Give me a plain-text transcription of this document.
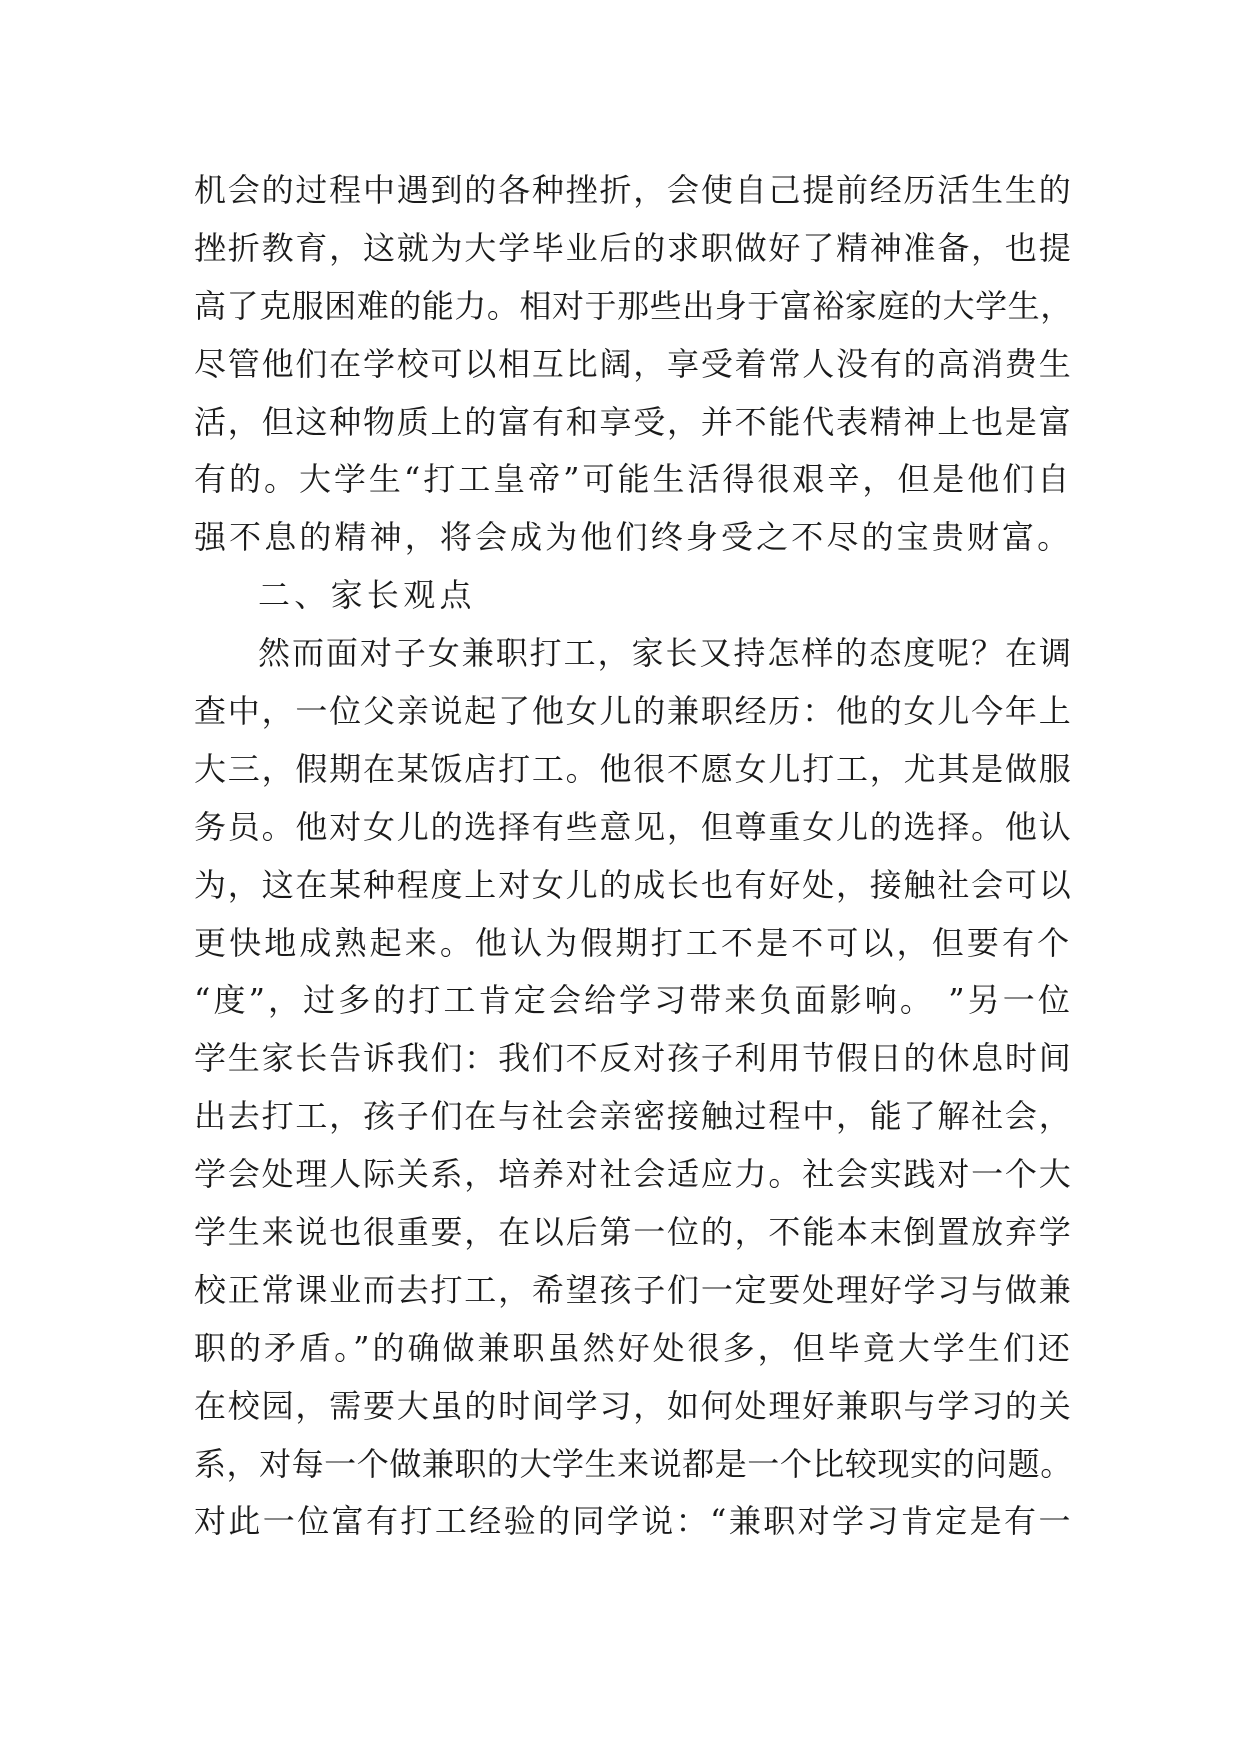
机会的过程中遇到的各种挫折，会使自己提前经历活生生的
挫折教育，这就为大学毕业后的求职做好了精神准备，也提
高了克服困难的能力。相对于那些出身于富裕家庭的大学生，
尽管他们在学校可以相互比阔，享受着常人没有的高消费生
活，但这种物质上的富有和享受，并不能代表精神上也是富
有的。大学生“打工皇帝”可能生活得很艰辛，但是他们自
强不息的精神，将会成为他们终身受之不尽的宝贵财富。
二、家长观点
然而面对子女兼职打工，家长又持怎样的态度呢？在调
查中，一位父亲说起了他女儿的兼职经历：他的女儿今年上
大三，假期在某饭店打工。他很不愿女儿打工，尤其是做服
务员。他对女儿的选择有些意见，但尊重女儿的选择。他认
为，这在某种程度上对女儿的成长也有好处，接触社会可以
更快地成熟起来。他认为假期打工不是不可以，但要有个
“度”，过多的打工肯定会给学习带来负面影响。 ”另一位
学生家长告诉我们：我们不反对孩子利用节假日的休息时间
出去打工，孩子们在与社会亲密接触过程中，能了解社会，
学会处理人际关系，培养对社会适应力。社会实践对一个大
学生来说也很重要，在以后第一位的，不能本末倒置放弃学
校正常课业而去打工，希望孩子们一定要处理好学习与做兼
职的矛盾。”的确做兼职虽然好处很多，但毕竟大学生们还
在校园，需要大虽的时间学习，如何处理好兼职与学习的关
系，对每一个做兼职的大学生来说都是一个比较现实的问题。
对此一位富有打工经验的同学说：“兼职对学习肯定是有一
